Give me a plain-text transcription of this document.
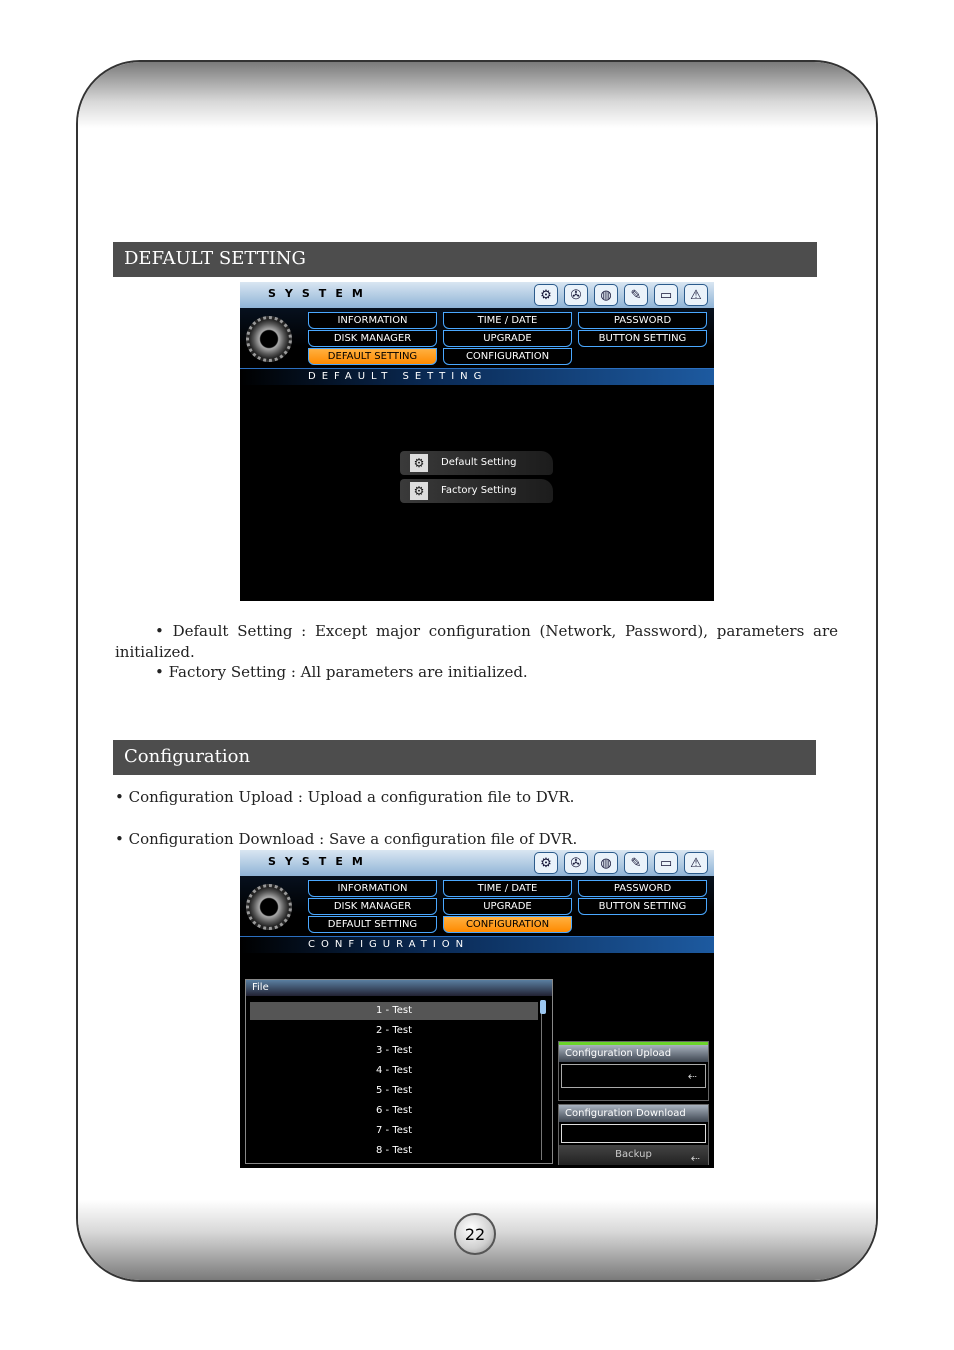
22
DEFAULT SETTING
SYSTEM	⚙	✇	◍	✎	▭	⚠
INFORMATION	TIME / DATE	PASSWORD
DISK MANAGER	UPGRADE	BUTTON SETTING
DEFAULT SETTING	CONFIGURATION
DEFAULT SETTING
⚙	Default Setting
⚙	Factory Setting
• Default Setting : Except major configuration (Network, Password), parameters are
initialized.
• Factory Setting : All parameters are initialized.
Configuration
• Configuration Upload : Upload a configuration file to DVR.
• Configuration Download : Save a configuration file of DVR.
SYSTEM	⚙	✇	◍	✎	▭	⚠
INFORMATION	TIME / DATE	PASSWORD
DISK MANAGER	UPGRADE	BUTTON SETTING
DEFAULT SETTING	CONFIGURATION
CONFIGURATION
File
1 - Test
2 - Test
3 - Test
4 - Test
5 - Test
6 - Test
7 - Test
8 - Test
Configuration Upload
⇠
Configuration Download
Backup	⇠
